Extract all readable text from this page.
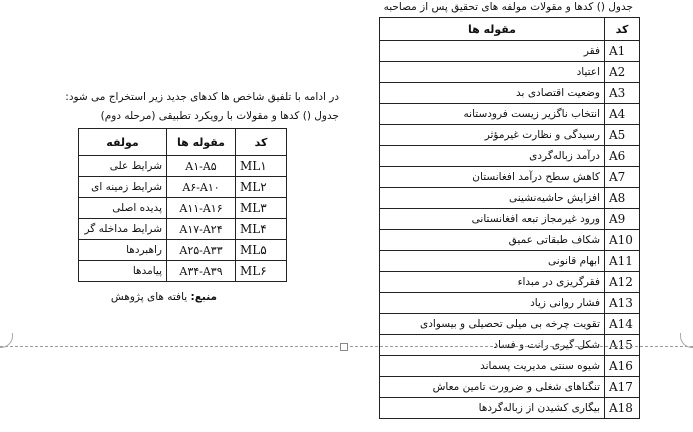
جدول () کدها و مقولات مولفه های تحقیق پس از مصاحبه
کد	مقوله ها
A1	فقر
A2	اعتیاد
A3	وضعیت اقتصادی بد
A4	انتخاب ناگزیر زیست فرودستانه
A5	رسیدگی و نظارت غیرمؤثر
A6	درآمد زباله‌گردی
A7	کاهش سطح درآمد افغانستان
A8	افزایش حاشیه‌نشینی
A9	ورود غیرمجاز تبعه افغانستانی
A10	شکاف طبقاتی عمیق
A11	ابهام قانونی
A12	فقرگریزی در مبداء
A13	فشار روانی زیاد
A14	تقویت چرخه بی میلی تحصیلی و بیسوادی
A15	شکل گیری رانت و فساد
A16	شیوه سنتی مدیریت پسماند
A17	تنگناهای شغلی و ضرورت تامین معاش
A18	بیگاری کشیدن از زباله‌گردها
در ادامه با تلفیق شاخص ها کدهای جدید زیر استخراج می شود:
جدول () کدها و مقولات با رویکرد تطبیقی (مرحله دوم)
کد	مقوله ها	مولفه
ML۱	A۱-A۵	شرایط علی
ML۲	A۶-A۱۰	شرایط زمینه ای
ML۳	A۱۱-A۱۶	پدیده اصلی
ML۴	A۱۷-A۲۴	شرایط مداخله گر
ML۵	A۲۵-A۳۳	راهبردها
ML۶	A۳۴-A۳۹	پیامدها
منبع: یافته های پژوهش
